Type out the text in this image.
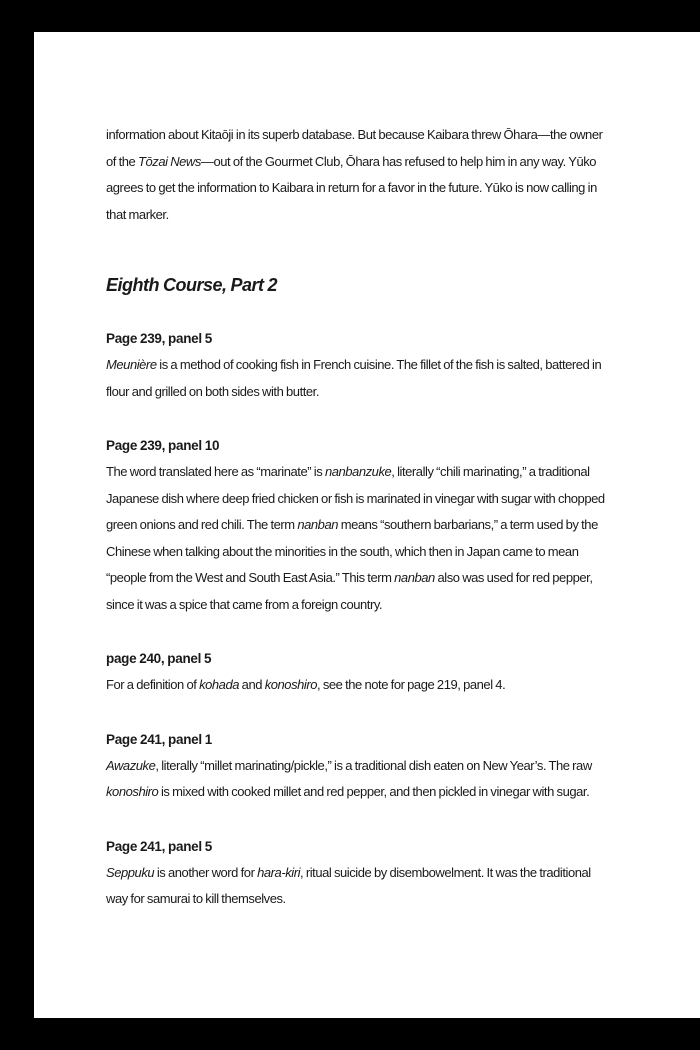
information about Kitaōji in its superb database. But because Kaibara threw Ōhara—the owner of the Tōzai News—out of the Gourmet Club, Ōhara has refused to help him in any way. Yūko agrees to get the information to Kaibara in return for a favor in the future. Yūko is now calling in that marker.

Eighth Course, Part 2
Page 239, panel 5

Meunière is a method of cooking fish in French cuisine. The fillet of the fish is salted, battered in flour and grilled on both sides with butter.

Page 239, panel 10

The word translated here as “marinate” is nanbanzuke, literally “chili marinating,” a traditional Japanese dish where deep fried chicken or fish is marinated in vinegar with sugar with chopped green onions and red chili. The term nanban means “southern barbarians,” a term used by the Chinese when talking about the minorities in the south, which then in Japan came to mean “people from the West and South East Asia.” This term nanban also was used for red pepper, since it was a spice that came from a foreign country.

page 240, panel 5

For a definition of kohada and konoshiro, see the note for page 219, panel 4.

Page 241, panel 1

Awazuke, literally “millet marinating/pickle,” is a traditional dish eaten on New Year’s. The raw konoshiro is mixed with cooked millet and red pepper, and then pickled in vinegar with sugar.

Page 241, panel 5

Seppuku is another word for hara-kiri, ritual suicide by disembowelment. It was the traditional way for samurai to kill themselves.
